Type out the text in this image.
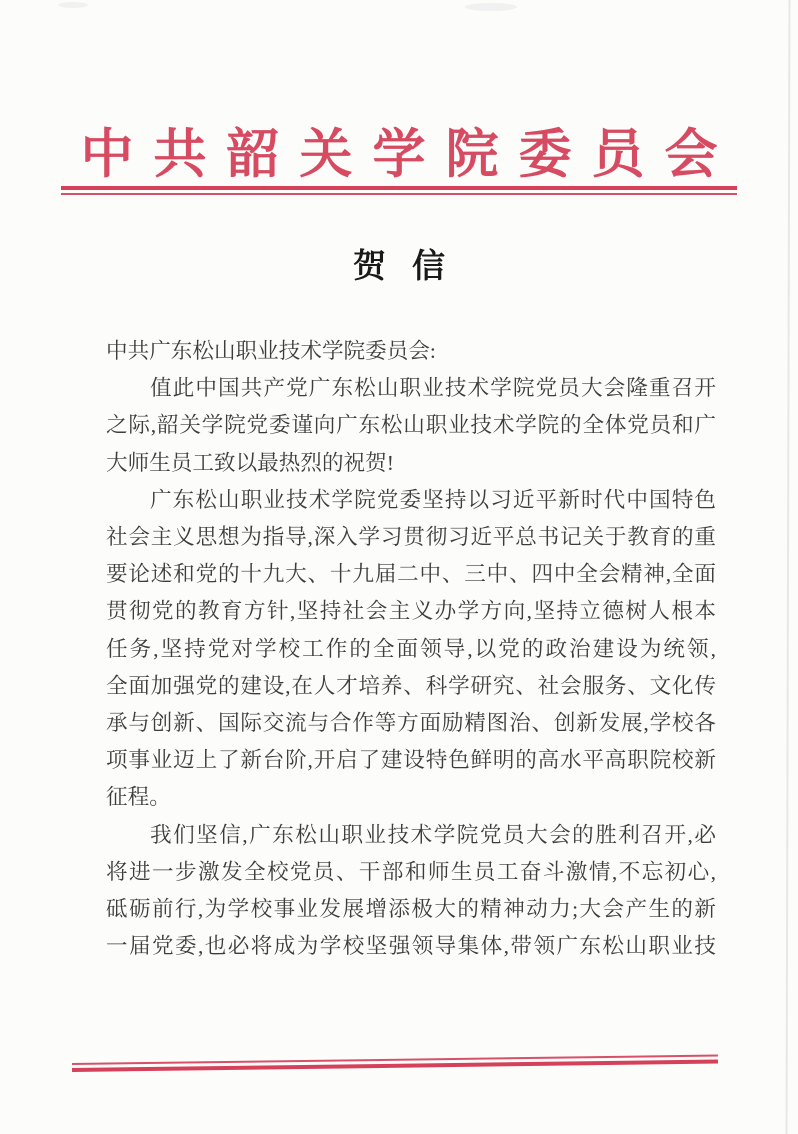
中共韶关学院委员会
贺信
中共广东松山职业技术学院委员会:
值此中国共产党广东松山职业技术学院党员大会隆重召开
之际,韶关学院党委谨向广东松山职业技术学院的全体党员和广
大师生员工致以最热烈的祝贺!
广东松山职业技术学院党委坚持以习近平新时代中国特色
社会主义思想为指导,深入学习贯彻习近平总书记关于教育的重
要论述和党的十九大、十九届二中、三中、四中全会精神,全面
贯彻党的教育方针,坚持社会主义办学方向,坚持立德树人根本
任务,坚持党对学校工作的全面领导,以党的政治建设为统领,
全面加强党的建设,在人才培养、科学研究、社会服务、文化传
承与创新、国际交流与合作等方面励精图治、创新发展,学校各
项事业迈上了新台阶,开启了建设特色鲜明的高水平高职院校新
征程。
我们坚信,广东松山职业技术学院党员大会的胜利召开,必
将进一步激发全校党员、干部和师生员工奋斗激情,不忘初心,
砥砺前行,为学校事业发展增添极大的精神动力;大会产生的新
一届党委,也必将成为学校坚强领导集体,带领广东松山职业技
